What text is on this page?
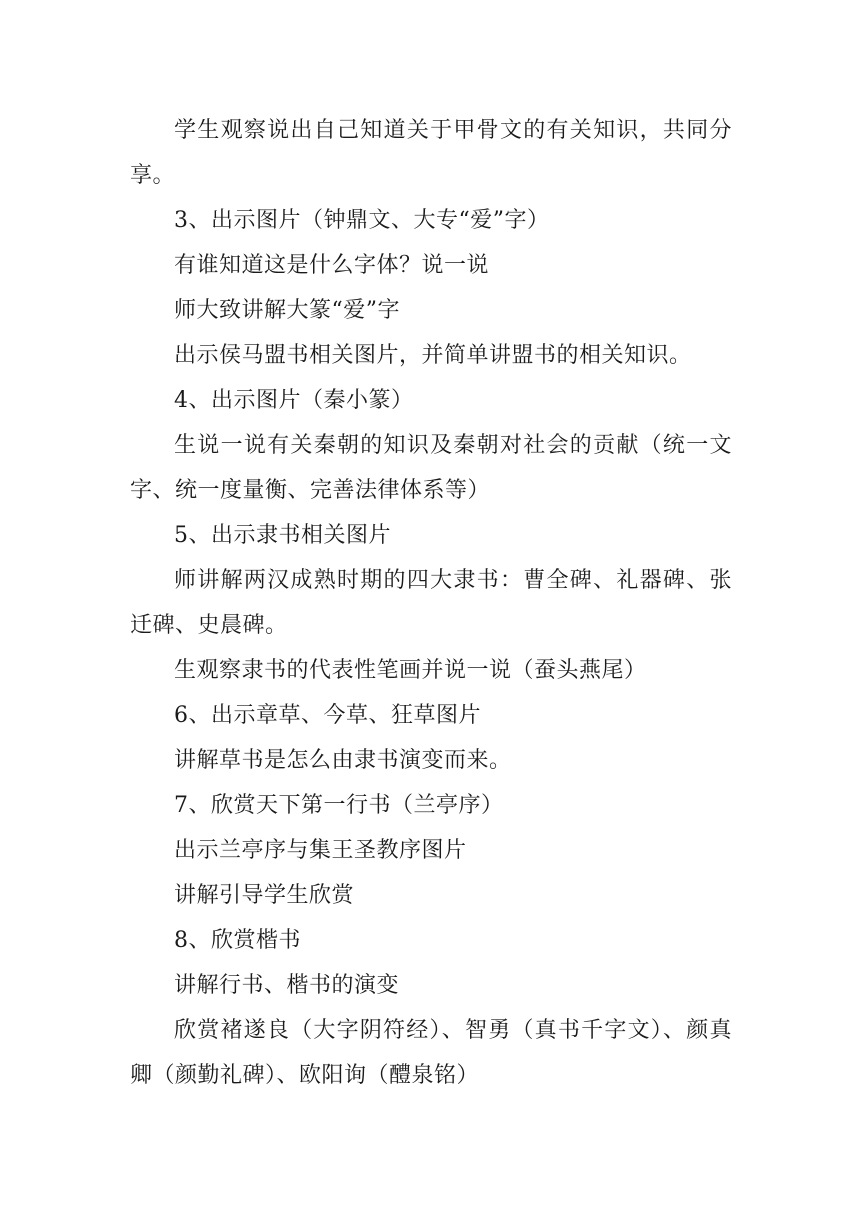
学生观察说出自己知道关于甲骨文的有关知识，共同分享。

3、出示图片（钟鼎文、大专“爱”字）

有谁知道这是什么字体？说一说

师大致讲解大篆“爱”字

出示侯马盟书相关图片，并简单讲盟书的相关知识。

4、出示图片（秦小篆）

生说一说有关秦朝的知识及秦朝对社会的贡献（统一文字、统一度量衡、完善法律体系等）

5、出示隶书相关图片

师讲解两汉成熟时期的四大隶书：曹全碑、礼器碑、张迁碑、史晨碑。

生观察隶书的代表性笔画并说一说（蚕头燕尾）

6、出示章草、今草、狂草图片

讲解草书是怎么由隶书演变而来。

7、欣赏天下第一行书（兰亭序）

出示兰亭序与集王圣教序图片

讲解引导学生欣赏

8、欣赏楷书

讲解行书、楷书的演变

欣赏褚遂良（大字阴符经）、智勇（真书千字文）、颜真卿（颜勤礼碑）、欧阳询（醴泉铭）
